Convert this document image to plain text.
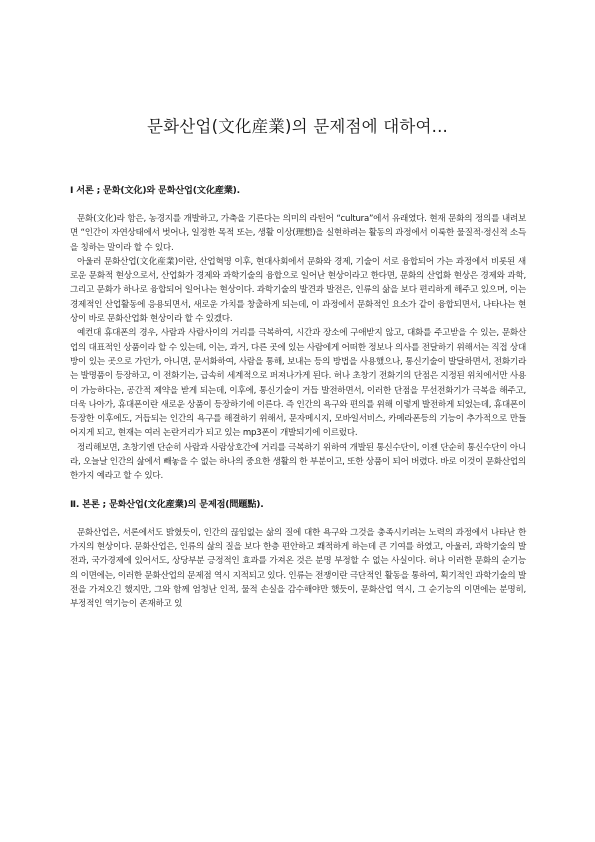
문화산업(文化産業)의 문제점에 대하여...

Ⅰ 서론 ; 문화(文化)와 문화산업(文化産業).

문화(文化)라 함은, 농경지를 개발하고, 가축을 기른다는 의미의 라틴어 “cultura”에서 유래였다. 현재 문화의 정의를 내려보면 “인간이 자연상태에서 벗어나, 일정한 목적 또는, 생활 이상(理想)을 실현하려는 활동의 과정에서 이룩한 물질적·정신적 소득을 칭하는 말이라 할 수 있다.

아울러 문화산업(文化産業)이란, 산업혁명 이후, 현대사회에서 문화와 경제, 기술이 서로 융합되어 가는 과정에서 비롯된 새로운 문화적 현상으로서, 산업화가 경제와 과학기술의 융합으로 일어난 현상이라고 한다면, 문화의 산업화 현상은 경제와 과학, 그리고 문화가 하나로 융합되어 일어나는 현상이다. 과학기술의 발견과 발전은, 인류의 삶을 보다 편리하게 해주고 있으며, 이는 경제적인 산업활동에 응용되면서, 새로운 가치를 창출하게 되는데, 이 과정에서 문화적인 요소가 같이 융합되면서, 나타나는 현상이 바로 문화산업화 현상이라 할 수 있겠다.

예컨대 휴대폰의 경우, 사람과 사람사이의 거리를 극복하여, 시간과 장소에 구애받지 않고, 대화를 주고받을 수 있는, 문화산업의 대표적인 상품이라 할 수 있는데, 이는, 과거, 다른 곳에 있는 사람에게 어떠한 정보나 의사를 전달하기 위해서는 직접 상대방이 있는 곳으로 가던가, 아니면, 문서화하여, 사람을 통해, 보내는 등의 방법을 사용했으나, 통신기술이 발달하면서, 전화기라는 발명품이 등장하고, 이 전화기는, 급속히 세계적으로 퍼져나가게 된다. 허나 초창기 전화기의 단점은 지정된 위치에서만 사용이 가능하다는, 공간적 제약을 받게 되는데, 이후에, 통신기술이 거듭 발전하면서, 이러한 단점을 무선전화기가 극복을 해주고, 더욱 나아가, 휴대폰이란 새로운 상품이 등장하기에 이른다. 즉 인간의 욕구와 편의를 위해 이렇게 발전하게 되었는데, 휴대폰이 등장한 이후에도, 거듭되는 인간의 욕구를 해결하기 위해서, 문자메시지, 모바일서비스, 카메라폰등의 기능이 추가적으로 만들어지게 되고, 현재는 여러 논란거리가 되고 있는 mp3폰이 개발되기에 이르렀다.

정리해보면, 초창기엔 단순히 사람과 사람상호간에 거리를 극복하기 위하여 개발된 통신수단이, 이젠 단순히 통신수단이 아니라, 오늘날 인간의 삶에서 빼놓을 수 없는 하나의 중요한 생활의 한 부분이고, 또한 상품이 되어 버렸다. 바로 이것이 문화산업의 한가지 예라고 할 수 있다.

Ⅱ. 본론 ; 문화산업(文化産業)의 문제점(問題點).

문화산업은, 서론에서도 밝혔듯이, 인간의 끊임없는 삶의 질에 대한 욕구와 그것을 충족시키려는 노력의 과정에서 나타난 한가지의 현상이다. 문화산업은, 인류의 삶의 질을 보다 한층 편안하고 쾌적하게 하는데 큰 기여를 하였고, 아울러, 과학기술의 발전과, 국가경제에 있어서도, 상당부분 긍정적인 효과를 가져온 것은 분명 부정할 수 없는 사실이다. 허나 이러한 문화의 순기능의 이면에는, 이러한 문화산업의 문제점 역시 지적되고 있다. 인류는 전쟁이란 극단적인 활동을 통하여, 획기적인 과학기술의 발전을 가져오긴 했지만, 그와 함께 엄청난 인적, 물적 손실을 감수해야만 했듯이, 문화산업 역시, 그 순기능의 이면에는 분명히, 부정적인 역기능이 존재하고 있
